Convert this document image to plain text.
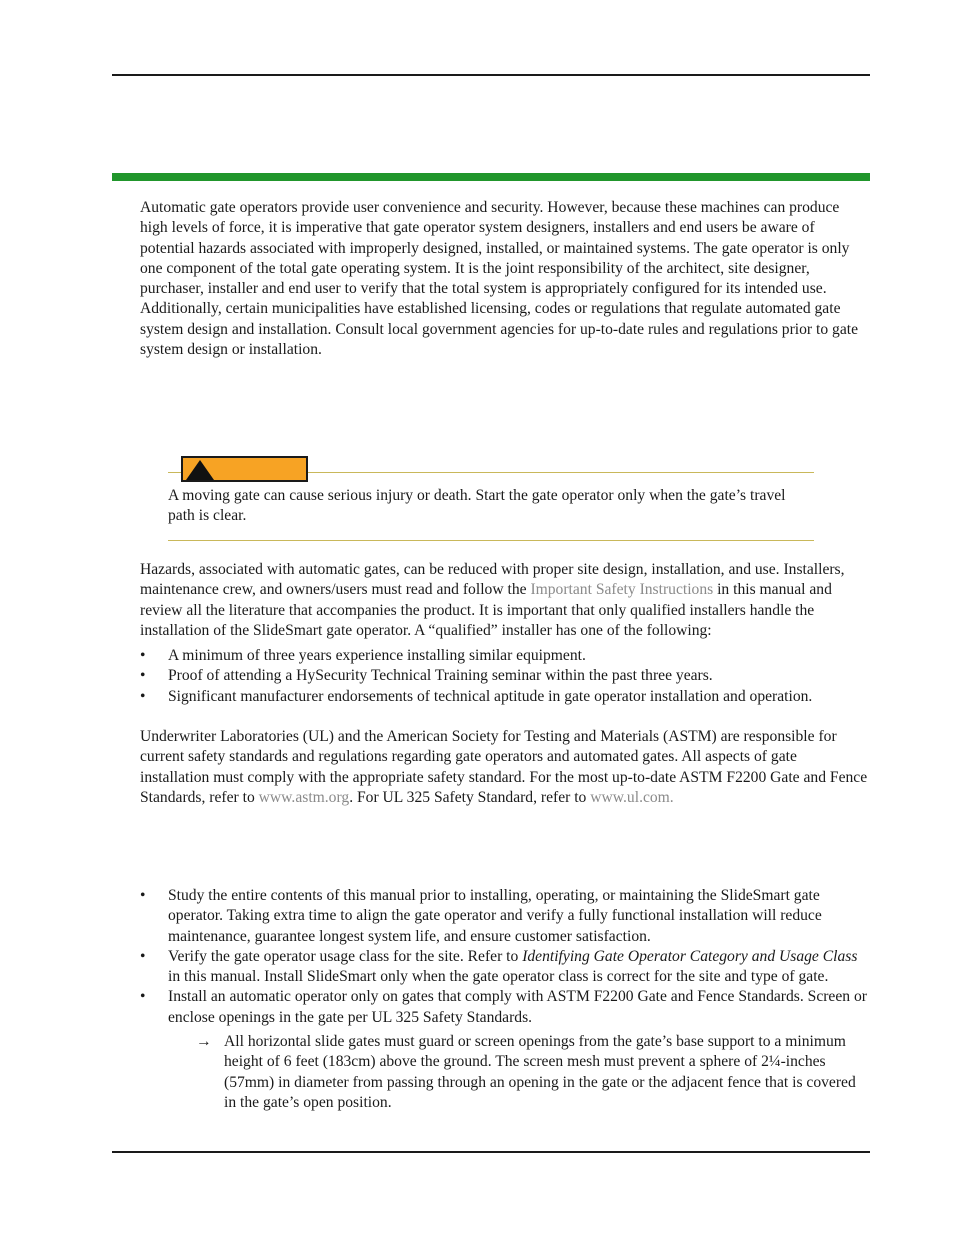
Automatic gate operators provide user convenience and security. However, because these machines can produce high levels of force, it is imperative that gate operator system designers, installers and end users be aware of potential hazards associated with improperly designed, installed, or maintained systems. The gate operator is only one component of the total gate operating system. It is the joint responsibility of the architect, site designer, purchaser, installer and end user to verify that the total system is appropriately configured for its intended use. Additionally, certain municipalities have established licensing, codes or regulations that regulate automated gate system design and installation. Consult local government agencies for up-to-date rules and regulations prior to gate system design or installation.

A moving gate can cause serious injury or death. Start the gate operator only when the gate’s travel path is clear.

Hazards, associated with automatic gates, can be reduced with proper site design, installation, and use. Installers, maintenance crew, and owners/users must read and follow the Important Safety Instructions in this manual and review all the literature that accompanies the product. It is important that only qualified installers handle the installation of the SlideSmart gate operator. A “qualified” installer has one of the following:

• A minimum of three years experience installing similar equipment.
• Proof of attending a HySecurity Technical Training seminar within the past three years.
• Significant manufacturer endorsements of technical aptitude in gate operator installation and operation.

Underwriter Laboratories (UL) and the American Society for Testing and Materials (ASTM) are responsible for current safety standards and regulations regarding gate operators and automated gates. All aspects of gate installation must comply with the appropriate safety standard. For the most up-to-date ASTM F2200 Gate and Fence Standards, refer to www.astm.org. For UL 325 Safety Standard, refer to www.ul.com.

• Study the entire contents of this manual prior to installing, operating, or maintaining the SlideSmart gate operator. Taking extra time to align the gate operator and verify a fully functional installation will reduce maintenance, guarantee longest system life, and ensure customer satisfaction.
• Verify the gate operator usage class for the site. Refer to Identifying Gate Operator Category and Usage Class in this manual. Install SlideSmart only when the gate operator class is correct for the site and type of gate.
• Install an automatic operator only on gates that comply with ASTM F2200 Gate and Fence Standards. Screen or enclose openings in the gate per UL 325 Safety Standards.
→ All horizontal slide gates must guard or screen openings from the gate’s base support to a minimum height of 6 feet (183cm) above the ground. The screen mesh must prevent a sphere of 2¼-inches (57mm) in diameter from passing through an opening in the gate or the adjacent fence that is covered in the gate’s open position.
